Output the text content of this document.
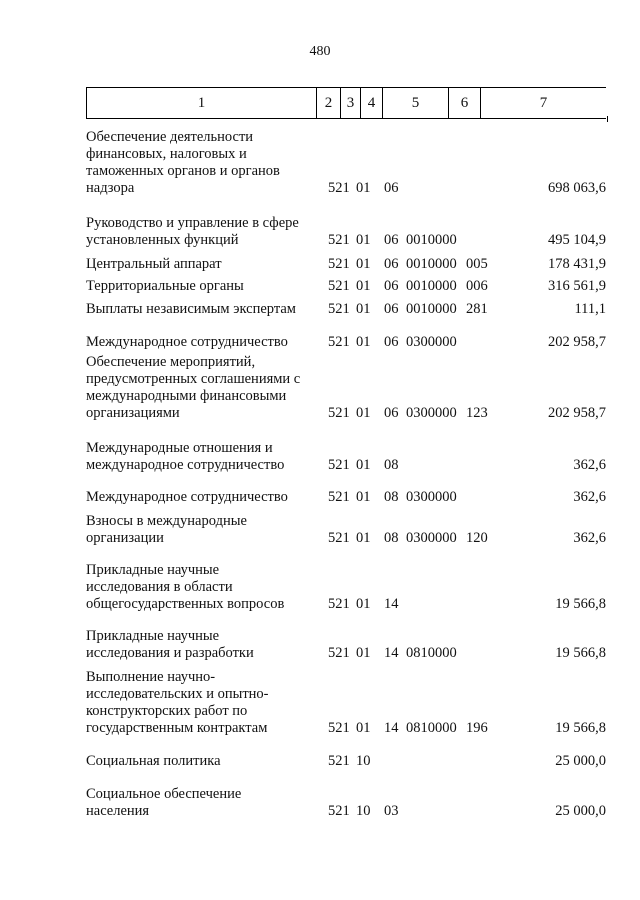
480
1	2 3 4	5	6	7
Обеспечение деятельности
финансовых, налоговых и
таможенных органов и органов
надзора	521 01 06	698 063,6
Руководство и управление в сфере
установленных функций	521 01 06 0010000	495 104,9
Центральный аппарат	521 01 06 0010000 005	178 431,9
Территориальные органы	521 01 06 0010000 006	316 561,9
Выплаты независимым экспертам	521 01 06 0010000 281	111,1
Международное сотрудничество	521 01 06 0300000	202 958,7
Обеспечение мероприятий,
предусмотренных соглашениями с
международными финансовыми
организациями	521 01 06 0300000 123	202 958,7
Международные отношения и
международное сотрудничество	521 01 08	362,6
Международное сотрудничество	521 01 08 0300000	362,6
Взносы в международные
организации	521 01 08 0300000 120	362,6
Прикладные научные
исследования в области
общегосударственных вопросов	521 01 14	19 566,8
Прикладные научные
исследования и разработки	521 01 14 0810000	19 566,8
Выполнение научно-
исследовательских и опытно-
конструкторских работ по
государственным контрактам	521 01 14 0810000 196	19 566,8
Социальная политика	521 10	25 000,0
Социальное обеспечение
населения	521 10 03	25 000,0
